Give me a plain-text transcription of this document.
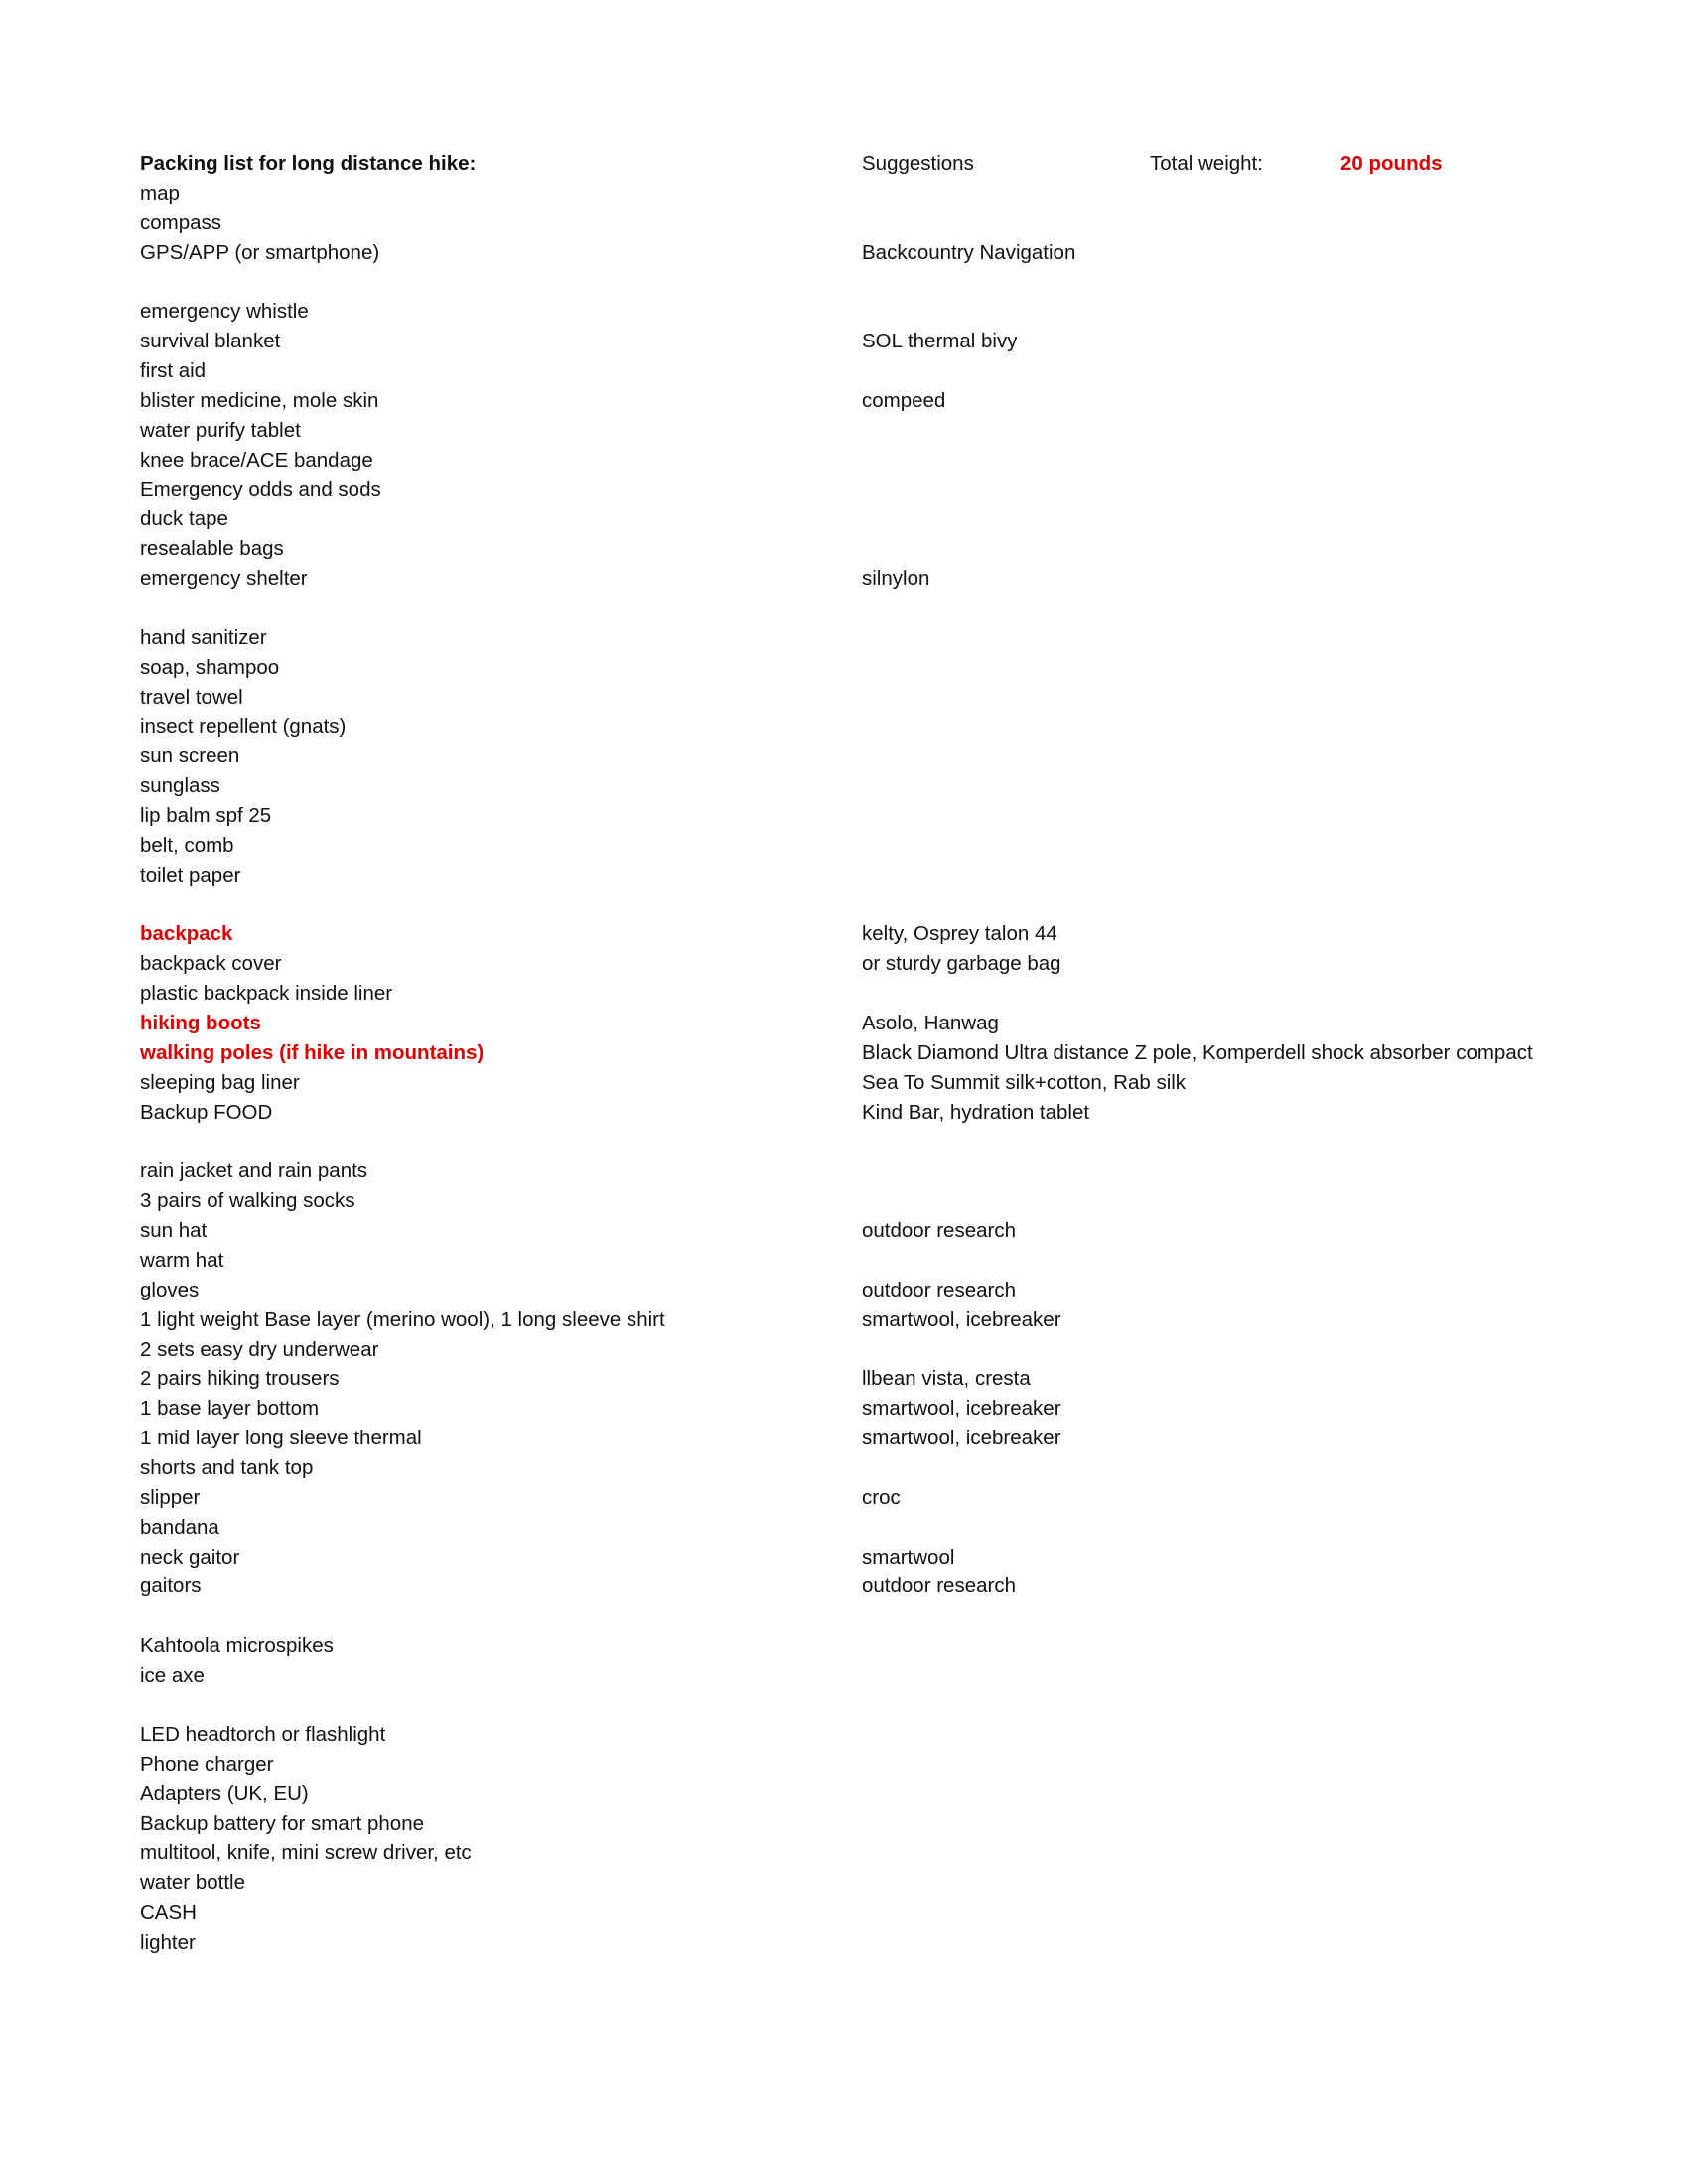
Packing list for long distance hike:	Suggestions	Total weight:	20 pounds
map
compass
GPS/APP (or smartphone)	Backcountry Navigation
emergency whistle
survival blanket	SOL thermal bivy
first aid
blister medicine, mole skin	compeed
water purify tablet
knee brace/ACE bandage
Emergency odds and sods
duck tape
resealable bags
emergency shelter	silnylon
hand sanitizer
soap, shampoo
travel towel
insect repellent (gnats)
sun screen
sunglass
lip balm spf 25
belt, comb
toilet paper
backpack	kelty, Osprey talon 44
backpack cover	or sturdy garbage bag
plastic backpack inside liner
hiking boots	Asolo, Hanwag
walking poles (if hike in mountains)	Black Diamond Ultra distance Z pole, Komperdell shock absorber compact
sleeping bag liner	Sea To Summit silk+cotton, Rab silk
Backup FOOD	Kind Bar, hydration tablet
rain jacket and rain pants
3 pairs of walking socks
sun hat	outdoor research
warm hat
gloves	outdoor research
1 light weight Base layer (merino wool), 1 long sleeve shirt	smartwool, icebreaker
2 sets easy dry underwear
2 pairs hiking trousers	llbean vista, cresta
1 base layer bottom	smartwool, icebreaker
1 mid layer long sleeve thermal	smartwool, icebreaker
shorts and tank top
slipper	croc
bandana
neck gaitor	smartwool
gaitors	outdoor research
Kahtoola microspikes
ice axe
LED headtorch or flashlight
Phone charger
Adapters (UK, EU)
Backup battery for smart phone
multitool, knife, mini screw driver, etc
water bottle
CASH
lighter
